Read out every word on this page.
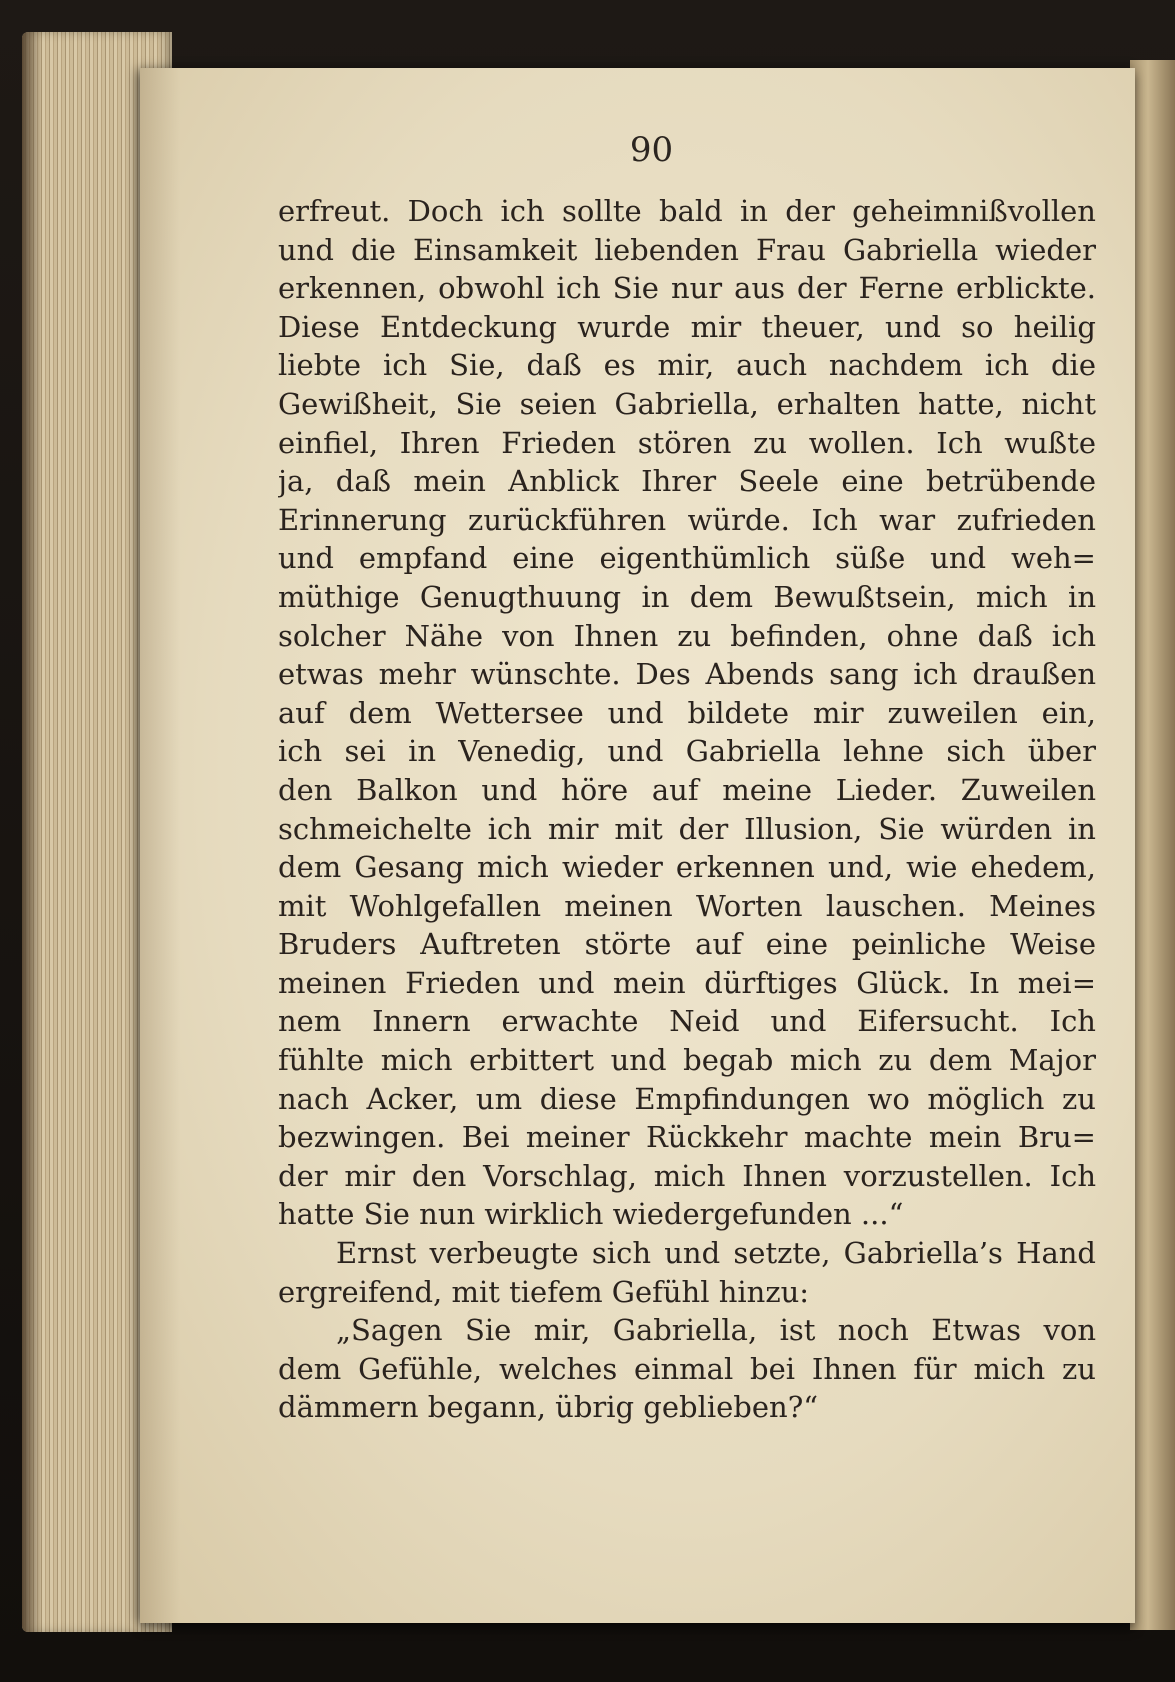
90
erfreut. Doch ich sollte bald in der geheimnißvollen
und die Einsamkeit liebenden Frau Gabriella wieder
erkennen, obwohl ich Sie nur aus der Ferne erblickte.
Diese Entdeckung wurde mir theuer, und so heilig
liebte ich Sie, daß es mir, auch nachdem ich die
Gewißheit, Sie seien Gabriella, erhalten hatte, nicht
einfiel, Ihren Frieden stören zu wollen. Ich wußte
ja, daß mein Anblick Ihrer Seele eine betrübende
Erinnerung zurückführen würde. Ich war zufrieden
und empfand eine eigenthümlich süße und weh=
müthige Genugthuung in dem Bewußtsein, mich in
solcher Nähe von Ihnen zu befinden, ohne daß ich
etwas mehr wünschte. Des Abends sang ich draußen
auf dem Wettersee und bildete mir zuweilen ein,
ich sei in Venedig, und Gabriella lehne sich über
den Balkon und höre auf meine Lieder. Zuweilen
schmeichelte ich mir mit der Illusion, Sie würden in
dem Gesang mich wieder erkennen und, wie ehedem,
mit Wohlgefallen meinen Worten lauschen. Meines
Bruders Auftreten störte auf eine peinliche Weise
meinen Frieden und mein dürftiges Glück. In mei=
nem Innern erwachte Neid und Eifersucht. Ich
fühlte mich erbittert und begab mich zu dem Major
nach Acker, um diese Empfindungen wo möglich zu
bezwingen. Bei meiner Rückkehr machte mein Bru=
der mir den Vorschlag, mich Ihnen vorzustellen. Ich
hatte Sie nun wirklich wiedergefunden ...“
Ernst verbeugte sich und setzte, Gabriella’s Hand
ergreifend, mit tiefem Gefühl hinzu:
„Sagen Sie mir, Gabriella, ist noch Etwas von
dem Gefühle, welches einmal bei Ihnen für mich zu
dämmern begann, übrig geblieben?“
